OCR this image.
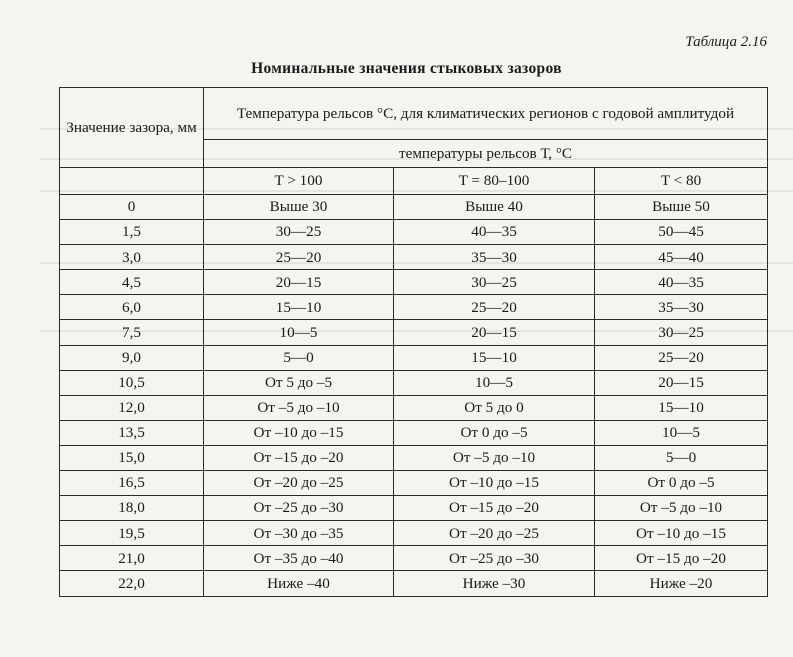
Таблица 2.16
Номинальные значения стыковых зазоров
Значение зазора, мм	Температура рельсов °С, для климатических регионов с годовой амплитудой		
	температуры рельсов Т, °С		
	T > 100	T = 80–100	T < 80
0	Выше 30	Выше 40	Выше 50
1,5	30—25	40—35	50—45
3,0	25—20	35—30	45—40
4,5	20—15	30—25	40—35
6,0	15—10	25—20	35—30
7,5	10—5	20—15	30—25
9,0	5—0	15—10	25—20
10,5	От 5 до –5	10—5	20—15
12,0	От –5 до –10	От 5 до 0	15—10
13,5	От –10 до –15	От 0 до –5	10—5
15,0	От –15 до –20	От –5 до –10	5—0
16,5	От –20 до –25	От –10 до –15	От 0 до –5
18,0	От –25 до –30	От –15 до –20	От –5 до –10
19,5	От –30 до –35	От –20 до –25	От –10 до –15
21,0	От –35 до –40	От –25 до –30	От –15 до –20
22,0	Ниже –40	Ниже –30	Ниже –20
